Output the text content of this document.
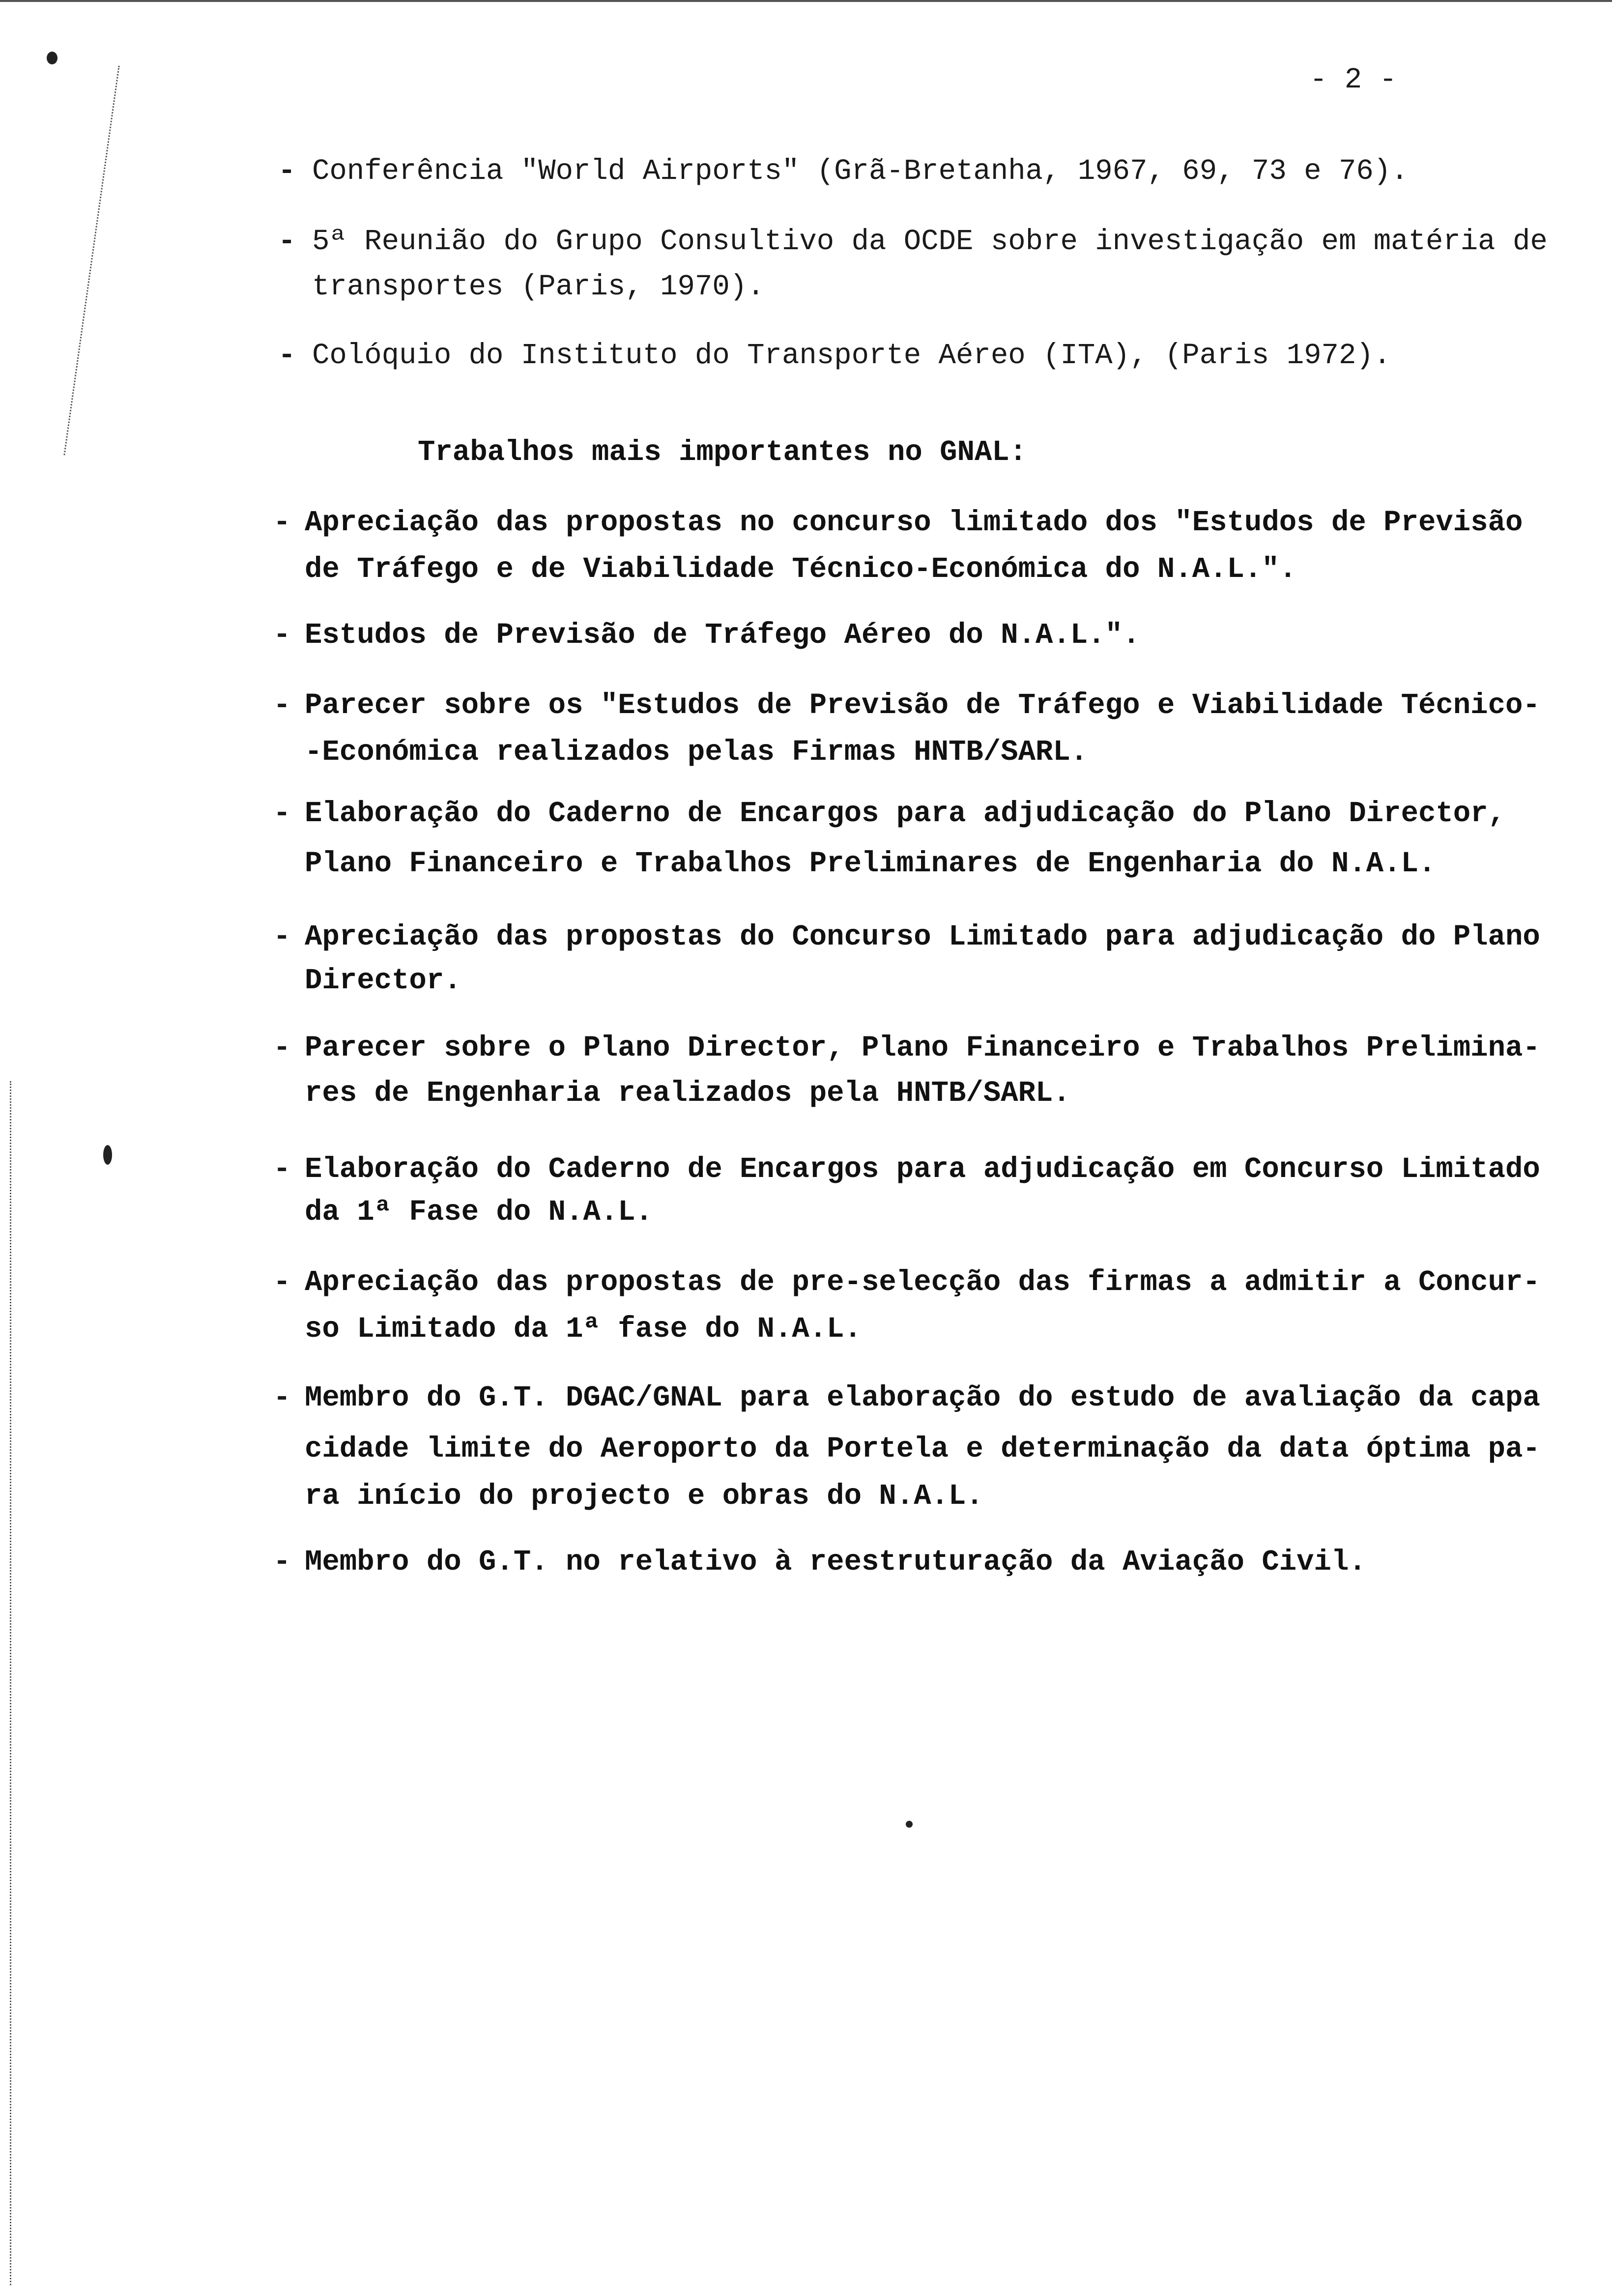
- 2 -
- Conferência "World Airports" (Grã-Bretanha, 1967, 69, 73 e 76).
- 5ª Reunião do Grupo Consultivo da OCDE sobre investigação em matéria de
transportes (Paris, 1970).
- Colóquio do Instituto do Transporte Aéreo (ITA), (Paris 1972).
Trabalhos mais importantes no GNAL:
- Apreciação das propostas no concurso limitado dos "Estudos de Previsão
de Tráfego e de Viabilidade Técnico-Económica do N.A.L.".
- Estudos de Previsão de Tráfego Aéreo do N.A.L.".
- Parecer sobre os "Estudos de Previsão de Tráfego e Viabilidade Técnico-
-Económica realizados pelas Firmas HNTB/SARL.
- Elaboração do Caderno de Encargos para adjudicação do Plano Director,
Plano Financeiro e Trabalhos Preliminares de Engenharia do N.A.L.
- Apreciação das propostas do Concurso Limitado para adjudicação do Plano
Director.
- Parecer sobre o Plano Director, Plano Financeiro e Trabalhos Prelimina-
res de Engenharia realizados pela HNTB/SARL.
- Elaboração do Caderno de Encargos para adjudicação em Concurso Limitado
da 1ª Fase do N.A.L.
- Apreciação das propostas de pre-selecção das firmas a admitir a Concur-
so Limitado da 1ª fase do N.A.L.
- Membro do G.T. DGAC/GNAL para elaboração do estudo de avaliação da capa
cidade limite do Aeroporto da Portela e determinação da data óptima pa-
ra início do projecto e obras do N.A.L.
- Membro do G.T. no relativo à reestruturação da Aviação Civil.
